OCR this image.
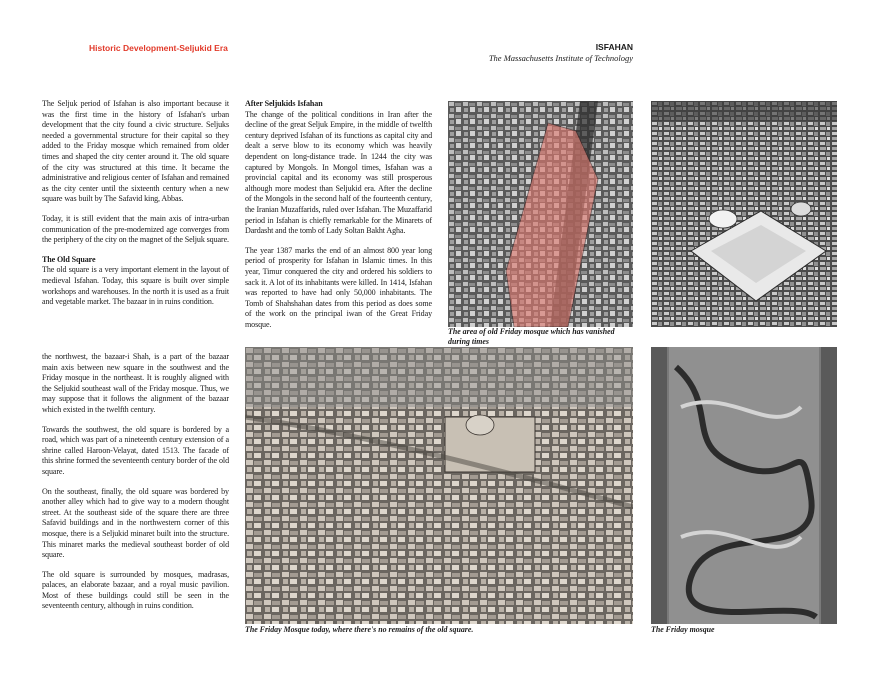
Historic Development-Seljukid Era	ISFAHAN
The Massachusetts Institute of Technology

The Seljuk period of Isfahan is also important because it was the first time in the history of Isfahan's urban development that the city found a civic structure. Seljuks needed a governmental structure for their capital so they added to the Friday mosque which remained from older times and shaped the city center around it. The old square of the city was structured at this time. It became the administrative and religious center of Isfahan and remained as the city center until the sixteenth century when a new square was built by The Safavid king, Abbas.

Today, it is still evident that the main axis of intra-urban communication of the pre-modernized age converges from the periphery of the city on the magnet of the Seljuk square.

The Old Square

The old square is a very important element in the layout of medieval Isfahan. Today, this square is built over simple workshops and warehouses. In the north it is used as a fruit and vegetable market. The bazaar in in ruins condition.

After Seljukids Isfahan

The change of the political conditions in Iran after the decline of the great Seljuk Empire, in the middle of twelfth century deprived Isfahan of its functions as capital city and dealt a serve blow to its economy which was heavily dependent on long-distance trade. In 1244 the city was captured by Mongols. In Mongol times, Isfahan was a provincial capital and its economy was still prosperous although more modest than Seljukid era. After the decline of the Mongols in the second half of the fourteenth century, the Iranian Muzaffarids, ruled over Isfahan. The Muzaffarid period in Isfahan is chiefly remarkable for the Minarets of Dardasht and the tomb of Lady Soltan Bakht Agha.

The year 1387 marks the end of an almost 800 year long period of prosperity for Isfahan in Islamic times. In this year, Timur conquered the city and ordered his soldiers to sack it. A lot of its inhabitants were killed. In 1414, Isfahan was reported to have had only 50,000 inhabitants. The Tomb of Shahshahan dates from this period as does some of the work on the principal iwan of the Great Friday mosque.

the northwest, the bazaar-i Shah, is a part of the bazaar main axis between new square in the southwest and the Friday mosque in the northeast. It is roughly aligned with the Seljukid southeast wall of the Friday mosque. Thus, we may suppose that it follows the alignment of the bazaar which existed in the twelfth century.

Towards the southwest, the old square is bordered by a road, which was part of a nineteenth century extension of a shrine called Haroon-Velayat, dated 1513. The facade of this shrine formed the seventeenth century border of the old square.

On the southeast, finally, the old square was bordered by another alley which had to give way to a modern thought street. At the southeast side of the square there are three Safavid buildings and in the northwestern corner of this mosque, there is a Seljukid minaret built into the structure. This minaret marks the medieval southeast border of old square.

The old square is surrounded by mosques, madrasas, palaces, an elaborate bazaar, and a royal music pavilion. Most of these buildings could still be seen in the seventeenth century, although in ruins condition.

The area of old Friday mosque which has vanished during times
The Friday Mosque today, where there's no remains of the old square.	The Friday mosque
